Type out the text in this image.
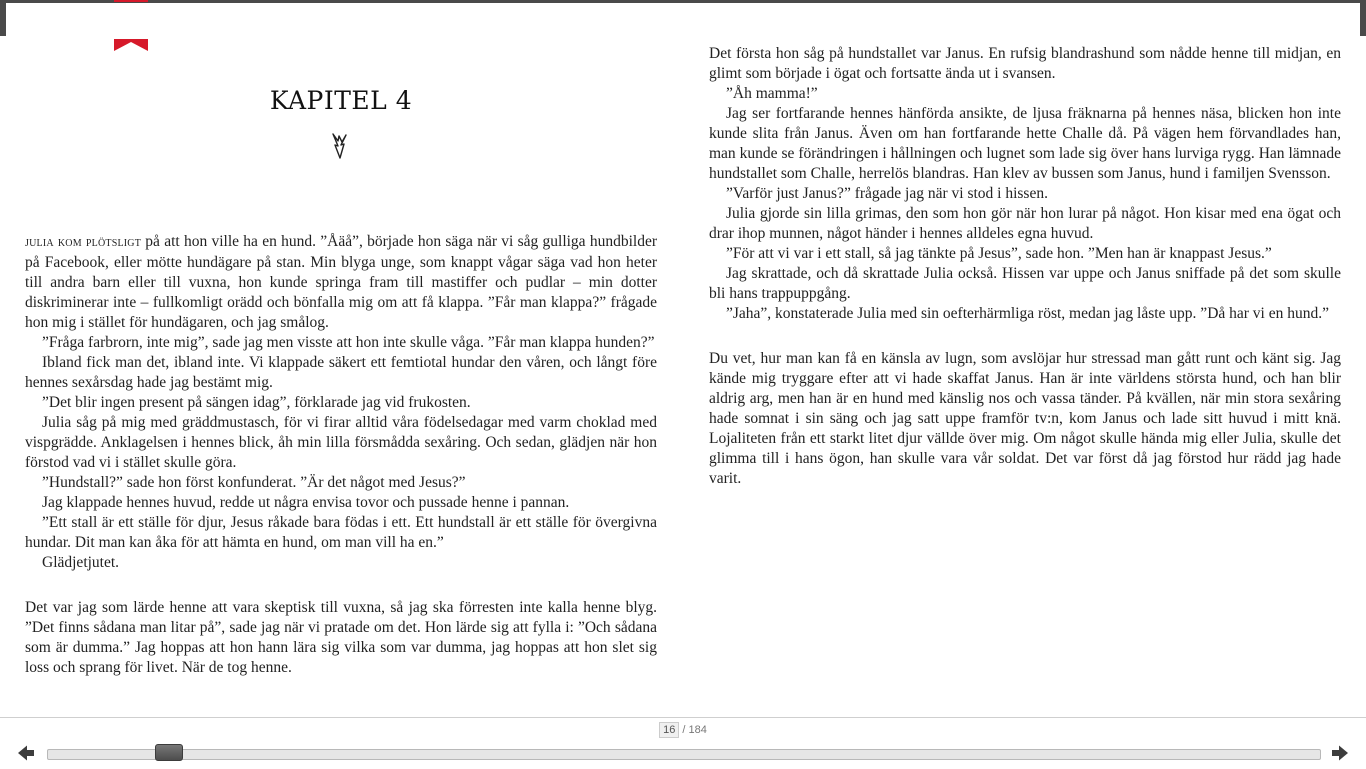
KAPITEL 4

julia kom plötsligt på att hon ville ha en hund. ”Åäå”, började hon säga när vi såg gulliga hundbilder på Facebook, eller mötte hundägare på stan. Min blyga unge, som knappt vågar säga vad hon heter till andra barn eller till vuxna, hon kunde springa fram till mastiffer och pudlar – min dotter diskriminerar inte – fullkomligt orädd och bönfalla mig om att få klappa. ”Får man klappa?” frågade hon mig i stället för hundägaren, och jag smålog.

”Fråga farbrorn, inte mig”, sade jag men visste att hon inte skulle våga. ”Får man klappa hunden?”

Ibland fick man det, ibland inte. Vi klappade säkert ett femtiotal hundar den våren, och långt före hennes sexårsdag hade jag bestämt mig.

”Det blir ingen present på sängen idag”, förklarade jag vid frukosten.

Julia såg på mig med gräddmustasch, för vi firar alltid våra födelsedagar med varm choklad med vispgrädde. Anklagelsen i hennes blick, åh min lilla försmådda sexåring. Och sedan, glädjen när hon förstod vad vi i stället skulle göra.

”Hundstall?” sade hon först konfunderat. ”Är det något med Jesus?”

Jag klappade hennes huvud, redde ut några envisa tovor och pussade henne i pannan.

”Ett stall är ett ställe för djur, Jesus råkade bara födas i ett. Ett hundstall är ett ställe för övergivna hundar. Dit man kan åka för att hämta en hund, om man vill ha en.”

Glädjetjutet.

Det var jag som lärde henne att vara skeptisk till vuxna, så jag ska förresten inte kalla henne blyg. ”Det finns sådana man litar på”, sade jag när vi pratade om det. Hon lärde sig att fylla i: ”Och sådana som är dumma.” Jag hoppas att hon hann lära sig vilka som var dumma, jag hoppas att hon slet sig loss och sprang för livet. När de tog henne.

Det första hon såg på hundstallet var Janus. En rufsig blandrashund som nådde henne till midjan, en glimt som började i ögat och fortsatte ända ut i svansen.

”Åh mamma!”

Jag ser fortfarande hennes hänförda ansikte, de ljusa fräknarna på hennes näsa, blicken hon inte kunde slita från Janus. Även om han fortfarande hette Challe då. På vägen hem förvandlades han, man kunde se förändringen i hållningen och lugnet som lade sig över hans lurviga rygg. Han lämnade hundstallet som Challe, herrelös blandras. Han klev av bussen som Janus, hund i familjen Svensson.

”Varför just Janus?” frågade jag när vi stod i hissen.

Julia gjorde sin lilla grimas, den som hon gör när hon lurar på något. Hon kisar med ena ögat och drar ihop munnen, något händer i hennes alldeles egna huvud.

”För att vi var i ett stall, så jag tänkte på Jesus”, sade hon. ”Men han är knappast Jesus.”

Jag skrattade, och då skrattade Julia också. Hissen var uppe och Janus sniffade på det som skulle bli hans trappuppgång.

”Jaha”, konstaterade Julia med sin oefterhärmliga röst, medan jag låste upp. ”Då har vi en hund.”

Du vet, hur man kan få en känsla av lugn, som avslöjar hur stressad man gått runt och känt sig. Jag kände mig tryggare efter att vi hade skaffat Janus. Han är inte världens största hund, och han blir aldrig arg, men han är en hund med känslig nos och vassa tänder. På kvällen, när min stora sexåring hade somnat i sin säng och jag satt uppe framför tv:n, kom Janus och lade sitt huvud i mitt knä. Lojaliteten från ett starkt litet djur vällde över mig. Om något skulle hända mig eller Julia, skulle det glimma till i hans ögon, han skulle vara vår soldat. Det var först då jag förstod hur rädd jag hade varit.

16 / 184
